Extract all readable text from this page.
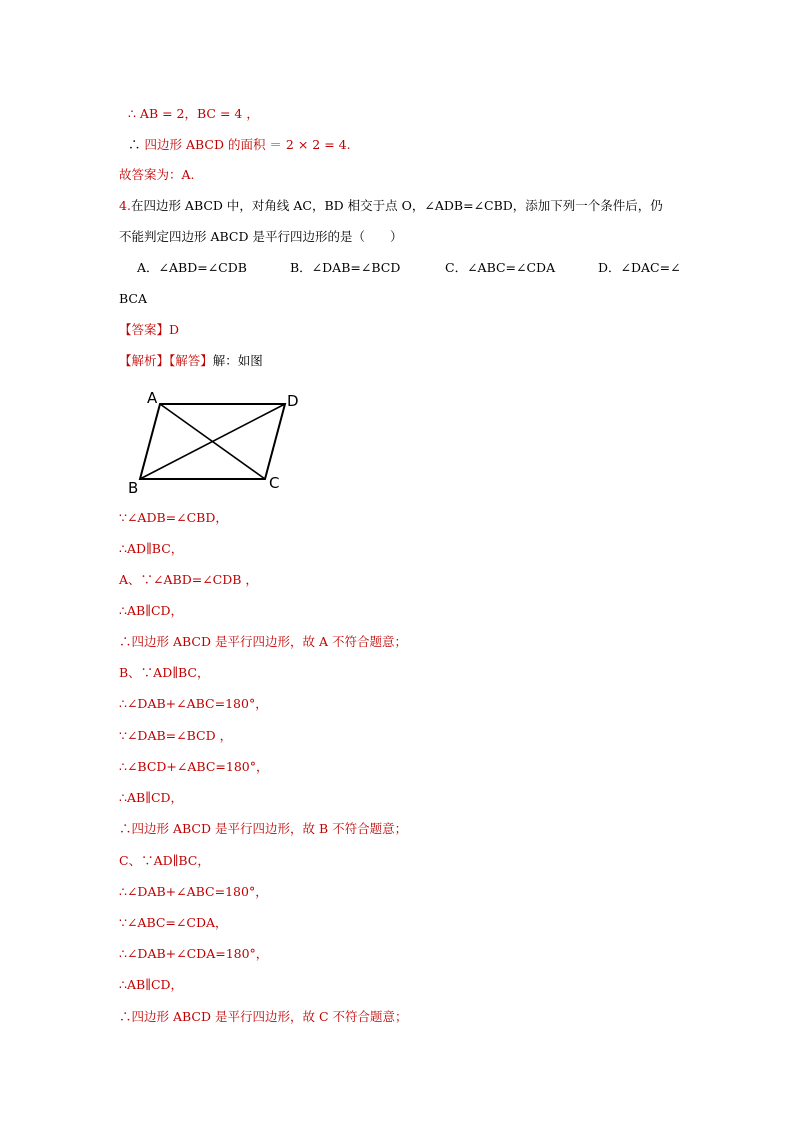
∴ AB = 2，BC = 4 ，
∴ 四边形 ABCD 的面积 ＝ 2 × 2 = 4.
故答案为：A.
4.在四边形 ABCD 中，对角线 AC，BD 相交于点 O，∠ADB=∠CBD，添加下列一个条件后，仍
不能判定四边形 ABCD 是平行四边形的是（　　）
A．∠ABD=∠CDB	B．∠DAB=∠BCD	C．∠ABC=∠CDA	D．∠DAC=∠
BCA
【答案】D
【解析】【解答】解：如图
A	D
B	C
∵∠ADB=∠CBD，
∴AD∥BC，
A、∵∠ABD=∠CDB ，
∴AB∥CD，
∴四边形 ABCD 是平行四边形，故 A 不符合题意；
B、∵AD∥BC，
∴∠DAB+∠ABC=180°，
∵∠DAB=∠BCD ，
∴∠BCD+∠ABC=180°，
∴AB∥CD，
∴四边形 ABCD 是平行四边形，故 B 不符合题意；
C、∵AD∥BC，
∴∠DAB+∠ABC=180°，
∵∠ABC=∠CDA，
∴∠DAB+∠CDA=180°，
∴AB∥CD，
∴四边形 ABCD 是平行四边形，故 C 不符合题意；
